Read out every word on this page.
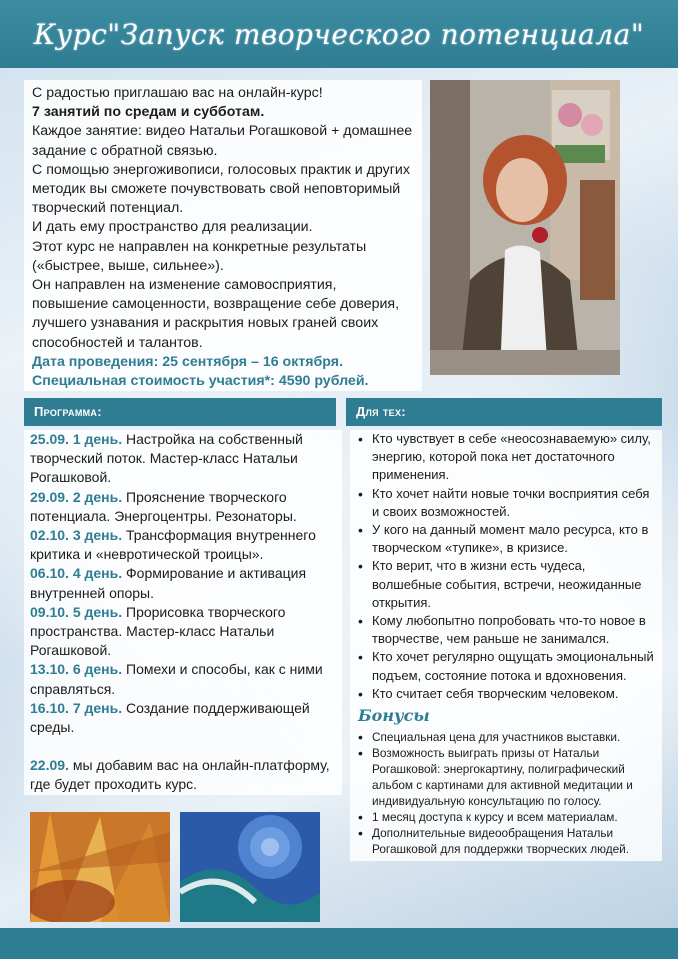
Курс"Запуск творческого потенциала"

С радостью приглашаю вас на онлайн-курс!

7 занятий по средам и субботам.

Каждое занятие: видео Натальи Рогашковой + домашнее задание с обратной связью.

С помощью энергоживописи, голосовых практик и других методик вы сможете почувствовать свой неповторимый творческий потенциал.

И дать ему пространство для реализации.

Этот курс не направлен на конкретные результаты («быстрее, выше, сильнее»).

Он направлен на изменение самовосприятия, повышение самоценности, возвращение себе доверия, лучшего узнавания и раскрытия новых граней своих способностей и талантов.

Дата проведения: 25 сентября – 16 октября.

Специальная стоимость участия*: 4590 рублей.

Программа:	Для тех:

25.09. 1 день. Настройка на собственный творческий поток. Мастер-класс Натальи Рогашковой.

29.09. 2 день. Прояснение творческого потенциала. Энергоцентры. Резонаторы.

02.10. 3 день. Трансформация внутреннего критика и «невротической троицы».

06.10. 4 день. Формирование и активация внутренней опоры.

09.10. 5 день. Прорисовка творческого пространства. Мастер-класс Натальи Рогашковой.

13.10. 6 день. Помехи и способы, как с ними справляться.

16.10. 7 день. Создание поддерживающей среды.

22.09. мы добавим вас на онлайн-платформу, где будет проходить курс.

• Кто чувствует в себе «неосознаваемую» силу, энергию, которой пока нет достаточного применения.
• Кто хочет найти новые точки восприятия себя и своих возможностей.
• У кого на данный момент мало ресурса, кто в творческом «тупике», в кризисе.
• Кто верит, что в жизни есть чудеса, волшебные события, встречи, неожиданные открытия.
• Кому любопытно попробовать что-то новое в творчестве, чем раньше не занимался.
• Кто хочет регулярно ощущать эмоциональный подъем, состояние потока и вдохновения.
• Кто считает себя творческим человеком.
Бонусы
• Специальная цена для участников выставки.
• Возможность выиграть призы от Натальи Рогашковой: энергокартину, полиграфический альбом с картинами для активной медитации и индивидуальную консультацию по голосу.
• 1 месяц доступа к курсу и всем материалам.
• Дополнительные видеообращения Натальи Рогашковой для поддержки творческих людей.
